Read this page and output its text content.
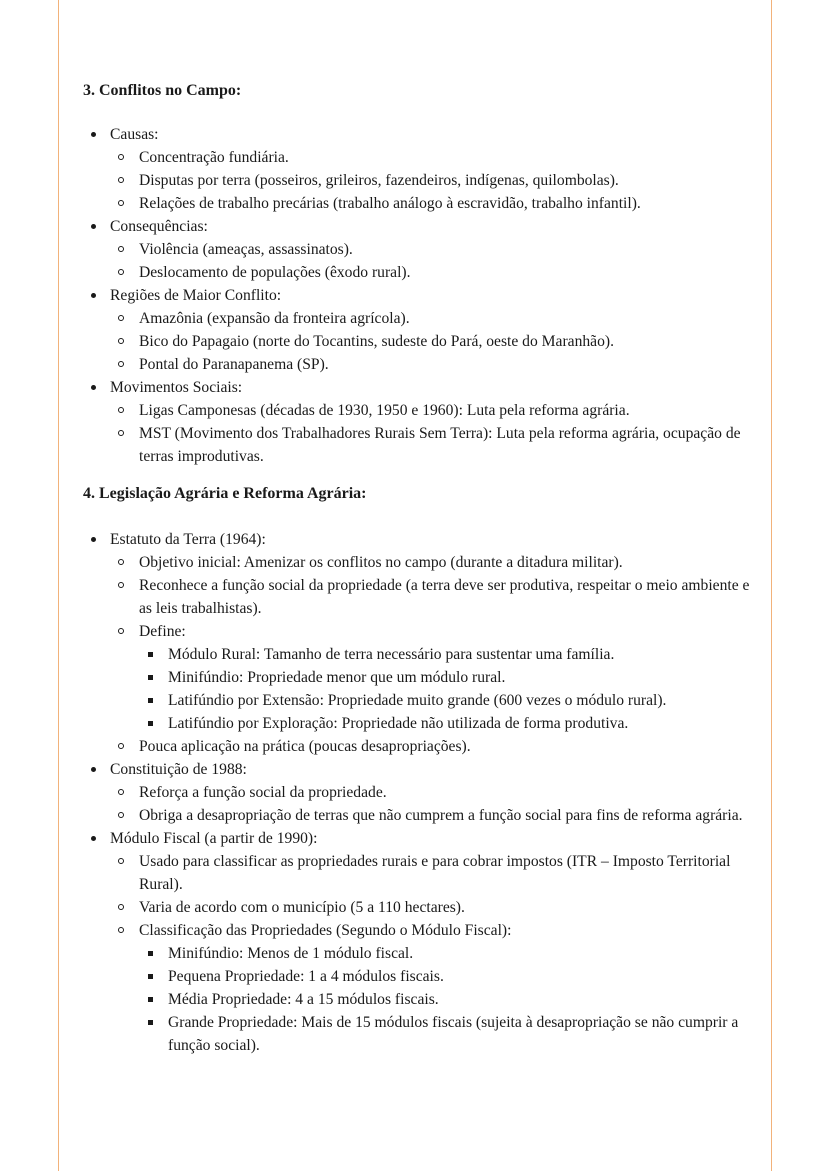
3. Conflitos no Campo:
Causas:
Concentração fundiária.
Disputas por terra (posseiros, grileiros, fazendeiros, indígenas, quilombolas).
Relações de trabalho precárias (trabalho análogo à escravidão, trabalho infantil).
Consequências:
Violência (ameaças, assassinatos).
Deslocamento de populações (êxodo rural).
Regiões de Maior Conflito:
Amazônia (expansão da fronteira agrícola).
Bico do Papagaio (norte do Tocantins, sudeste do Pará, oeste do Maranhão).
Pontal do Paranapanema (SP).
Movimentos Sociais:
Ligas Camponesas (décadas de 1930, 1950 e 1960): Luta pela reforma agrária.
MST (Movimento dos Trabalhadores Rurais Sem Terra): Luta pela reforma agrária, ocupação de terras improdutivas.
4. Legislação Agrária e Reforma Agrária:
Estatuto da Terra (1964):
Objetivo inicial: Amenizar os conflitos no campo (durante a ditadura militar).
Reconhece a função social da propriedade (a terra deve ser produtiva, respeitar o meio ambiente e as leis trabalhistas).
Define:
Módulo Rural: Tamanho de terra necessário para sustentar uma família.
Minifúndio: Propriedade menor que um módulo rural.
Latifúndio por Extensão: Propriedade muito grande (600 vezes o módulo rural).
Latifúndio por Exploração: Propriedade não utilizada de forma produtiva.
Pouca aplicação na prática (poucas desapropriações).
Constituição de 1988:
Reforça a função social da propriedade.
Obriga a desapropriação de terras que não cumprem a função social para fins de reforma agrária.
Módulo Fiscal (a partir de 1990):
Usado para classificar as propriedades rurais e para cobrar impostos (ITR – Imposto Territorial Rural).
Varia de acordo com o município (5 a 110 hectares).
Classificação das Propriedades (Segundo o Módulo Fiscal):
Minifúndio: Menos de 1 módulo fiscal.
Pequena Propriedade: 1 a 4 módulos fiscais.
Média Propriedade: 4 a 15 módulos fiscais.
Grande Propriedade: Mais de 15 módulos fiscais (sujeita à desapropriação se não cumprir a função social).
